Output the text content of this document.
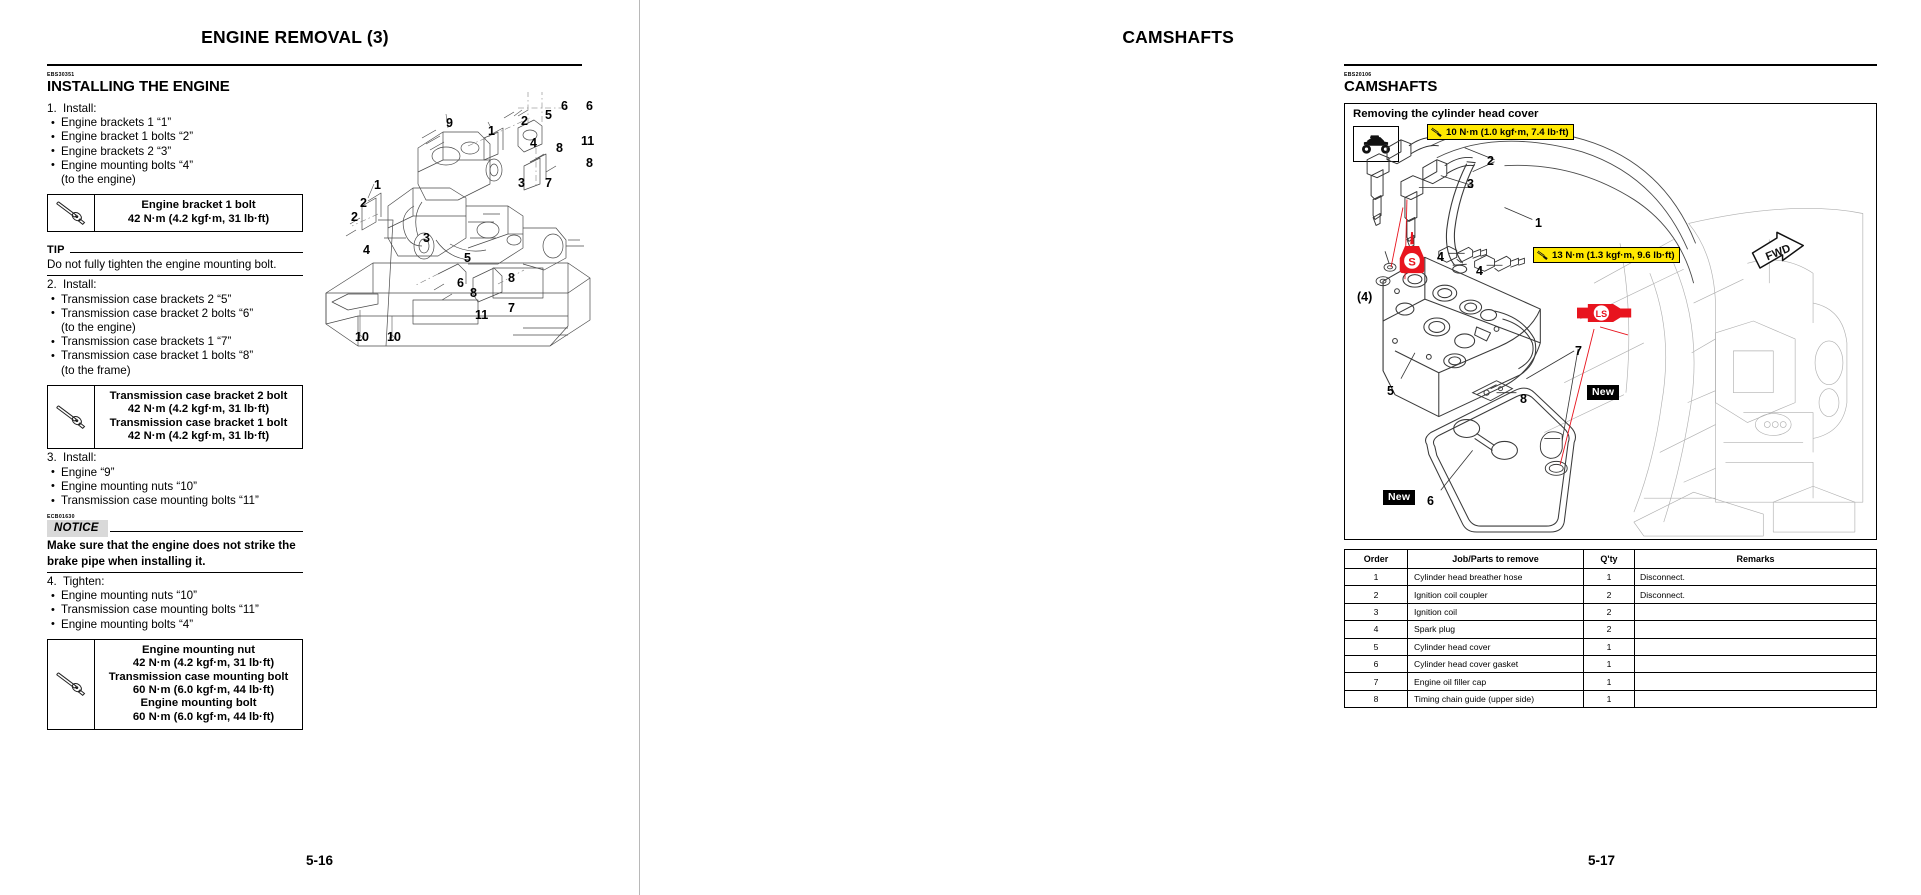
ENGINE REMOVAL (3)
EBS30351
INSTALLING THE ENGINE
1. Install:
• Engine brackets 1 “1”
• Engine bracket 1 bolts “2”
• Engine brackets 2 “3”
• Engine mounting bolts “4”
(to the engine)
Engine bracket 1 bolt
42 N·m (4.2 kgf·m, 31 lb·ft)
TIP
Do not fully tighten the engine mounting bolt.
2. Install:
• Transmission case brackets 2 “5”
• Transmission case bracket 2 bolts “6”
(to the engine)
• Transmission case brackets 1 “7”
• Transmission case bracket 1 bolts “8”
(to the frame)
Transmission case bracket 2 bolt
42 N·m (4.2 kgf·m, 31 lb·ft)
Transmission case bracket 1 bolt
42 N·m (4.2 kgf·m, 31 lb·ft)
3. Install:
• Engine “9”
• Engine mounting nuts “10”
• Transmission case mounting bolts “11”
ECB01630
NOTICE
Make sure that the engine does not strike the
brake pipe when installing it.
4. Tighten:
• Engine mounting nuts “10”
• Transmission case mounting bolts “11”
• Engine mounting bolts “4”
Engine mounting nut
42 N·m (4.2 kgf·m, 31 lb·ft)
Transmission case mounting bolt
60 N·m (6.0 kgf·m, 44 lb·ft)
Engine mounting bolt
60 N·m (6.0 kgf·m, 44 lb·ft)
9
1
2 5
6 6
4 8 11
8
7
3
1
2
2
4
3
5
6
8
8
11 7
10 10
5-16
CAMSHAFTS
EBS20106
CAMSHAFTS
Removing the cylinder head cover
S
LS
FWD
10 N·m (1.0 kgf·m, 7.4 lb·ft)
13 N·m (1.3 kgf·m, 9.6 lb·ft)
New
New
2
3
1
4
4
(4)
5
8
7
6
Order	Job/Parts to remove	Q'ty	Remarks
1	Cylinder head breather hose	1	Disconnect.
2	Ignition coil coupler	2	Disconnect.
3	Ignition coil	2	
4	Spark plug	2	
5	Cylinder head cover	1	
6	Cylinder head cover gasket	1	
7	Engine oil filler cap	1	
8	Timing chain guide (upper side)	1	
5-17
